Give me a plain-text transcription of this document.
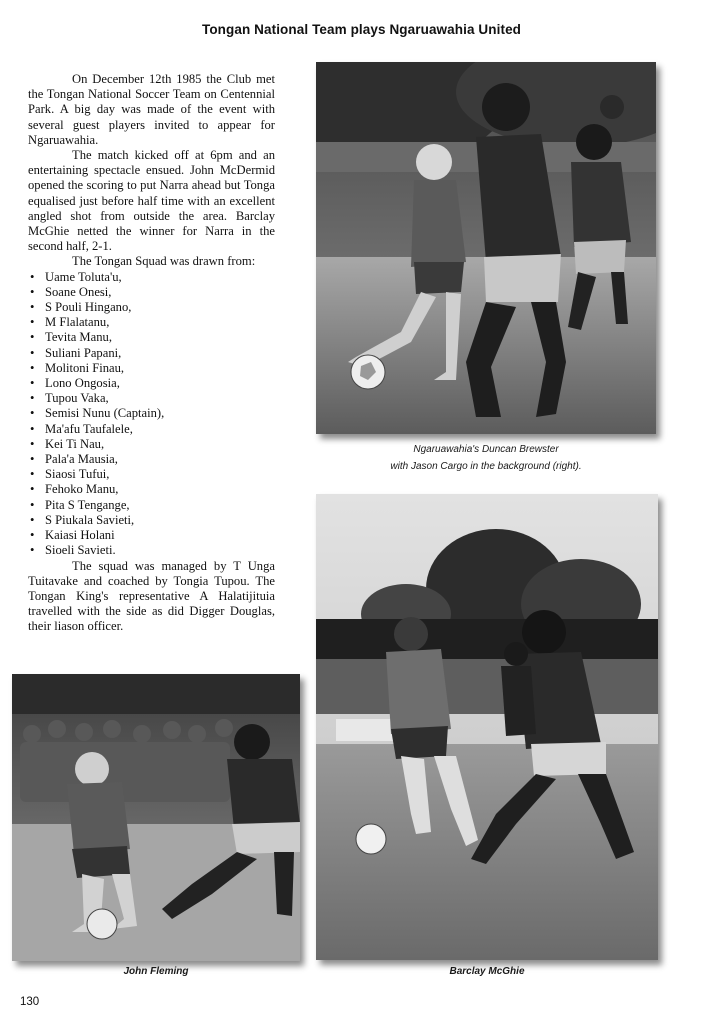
Tongan National Team plays Ngaruawahia United

On December 12th 1985 the Club met the Tongan National Soccer Team on Centennial Park. A big day was made of the event with several guest players invited to appear for Ngaruawahia.

The match kicked off at 6pm and an entertaining spectacle ensued. John McDermid opened the scoring to put Narra ahead but Tonga equalised just before half time with an excellent angled shot from outside the area. Barclay McGhie netted the winner for Narra in the second half, 2-1.

The Tongan Squad was drawn from:

• Uame Toluta'u,
• Soane Onesi,
• S Pouli Hingano,
• M Flalatanu,
• Tevita Manu,
• Suliani Papani,
• Molitoni Finau,
• Lono Ongosia,
• Tupou Vaka,
• Semisi Nunu (Captain),
• Ma'afu Taufalele,
• Kei Ti Nau,
• Pala'a Mausia,
• Siaosi Tufui,
• Fehoko Manu,
• Pita S Tengange,
• S Piukala Savieti,
• Kaiasi Holani
• Sioeli Savieti.

The squad was managed by T Unga Tuitavake and coached by Tongia Tupou. The Tongan King's representative A Halatijituia travelled with the side as did Digger Douglas, their liason officer.

Ngaruawahia's Duncan Brewster
with Jason Cargo in the background (right).
John Fleming	Barclay McGhie
130
